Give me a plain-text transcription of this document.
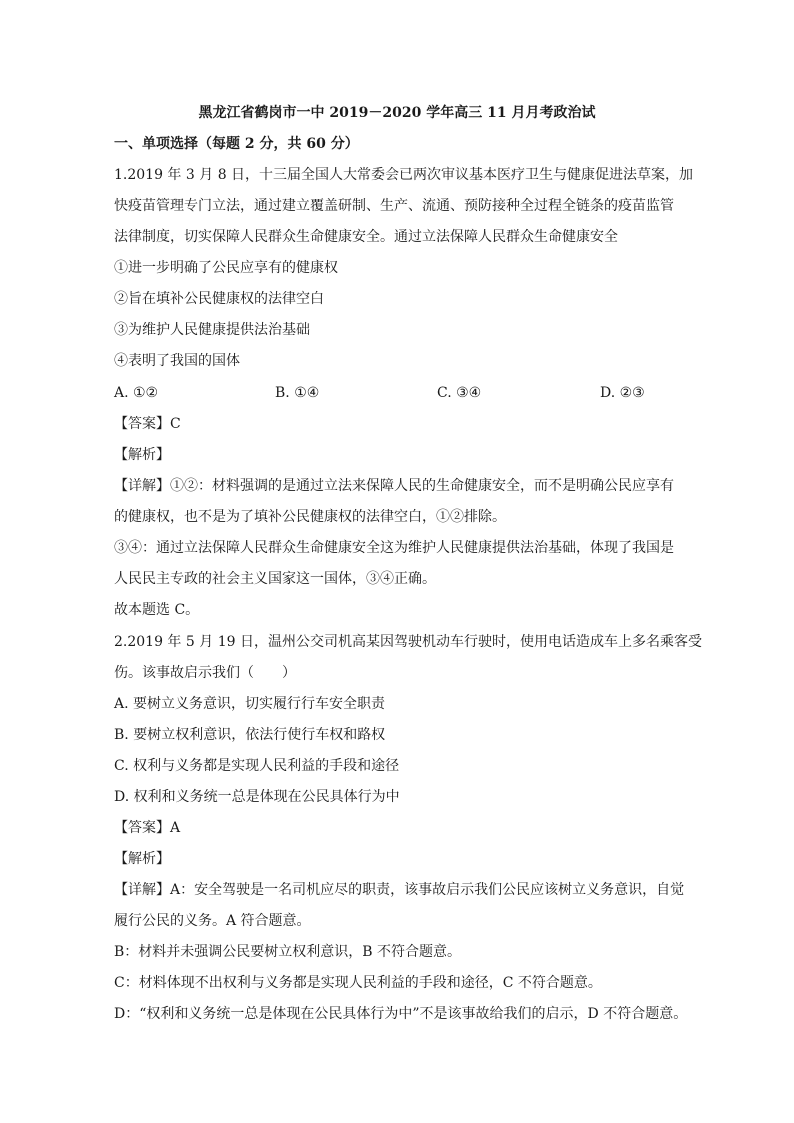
黑龙江省鹤岗市一中 2019－2020 学年高三 11 月月考政治试
一、单项选择（每题 2 分，共 60 分）
1.2019 年 3 月 8 日，十三届全国人大常委会已两次审议基本医疗卫生与健康促进法草案，加
快疫苗管理专门立法，通过建立覆盖研制、生产、流通、预防接种全过程全链条的疫苗监管
法律制度，切实保障人民群众生命健康安全。通过立法保障人民群众生命健康安全
①进一步明确了公民应享有的健康权
②旨在填补公民健康权的法律空白
③为维护人民健康提供法治基础
④表明了我国的国体
A. ①②	B. ①④	C. ③④	D. ②③
【答案】C
【解析】
【详解】①②：材料强调的是通过立法来保障人民的生命健康安全，而不是明确公民应享有
的健康权，也不是为了填补公民健康权的法律空白，①②排除。
③④：通过立法保障人民群众生命健康安全这为维护人民健康提供法治基础，体现了我国是
人民民主专政的社会主义国家这一国体，③④正确。
故本题选 C。
2.2019 年 5 月 19 日，温州公交司机高某因驾驶机动车行驶时，使用电话造成车上多名乘客受
伤。该事故启示我们（　　）
A. 要树立义务意识，切实履行行车安全职责
B. 要树立权利意识，依法行使行车权和路权
C. 权利与义务都是实现人民利益的手段和途径
D. 权利和义务统一总是体现在公民具体行为中
【答案】A
【解析】
【详解】A：安全驾驶是一名司机应尽的职责，该事故启示我们公民应该树立义务意识，自觉
履行公民的义务。A 符合题意。
B：材料并未强调公民要树立权利意识，B 不符合题意。
C：材料体现不出权利与义务都是实现人民利益的手段和途径，C 不符合题意。
D：“权利和义务统一总是体现在公民具体行为中”不是该事故给我们的启示，D 不符合题意。
